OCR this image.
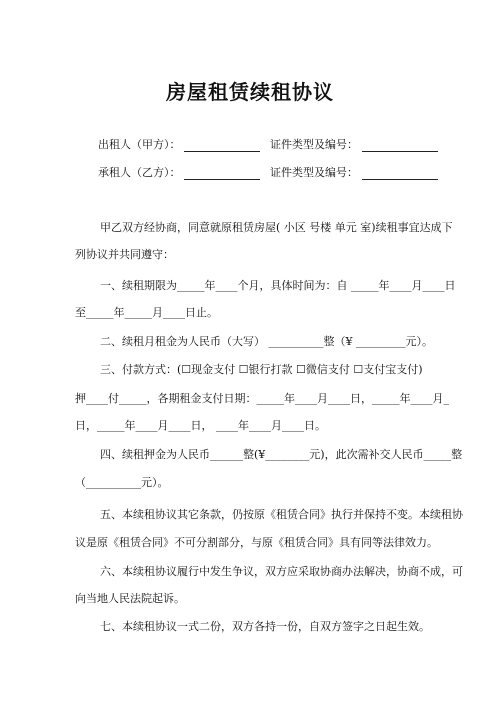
房屋租赁续租协议
出租人（甲方）：	证件类型及编号：
承租人（乙方）：	证件类型及编号：
甲乙双方经协商，同意就原租赁房屋( 小区 号楼 单元 室)续租事宜达成下
列协议并共同遵守：
一、续租期限为_____年____个月，具体时间为：自 _____年____月____日
至_____年_____月____日止。
二、续租月租金为人民币（大写） __________整（¥ _________元）。
三、付款方式：(☐现金支付 ☐银行打款 ☐微信支付 ☐支付宝支付)
押____付_____，各期租金支付日期：_____年____月____日，_____年____月_
日，_____年____月____日， ____年____月____日。
四、续租押金为人民币______整(¥________元)，此次需补交人民币_____整
（__________元）。
五、本续租协议其它条款，仍按原《租赁合同》执行并保持不变。本续租协
议是原《租赁合同》不可分割部分，与原《租赁合同》具有同等法律效力。
六、本续租协议履行中发生争议，双方应采取协商办法解决，协商不成，可
向当地人民法院起诉。
七、本续租协议一式二份，双方各持一份，自双方签字之日起生效。
